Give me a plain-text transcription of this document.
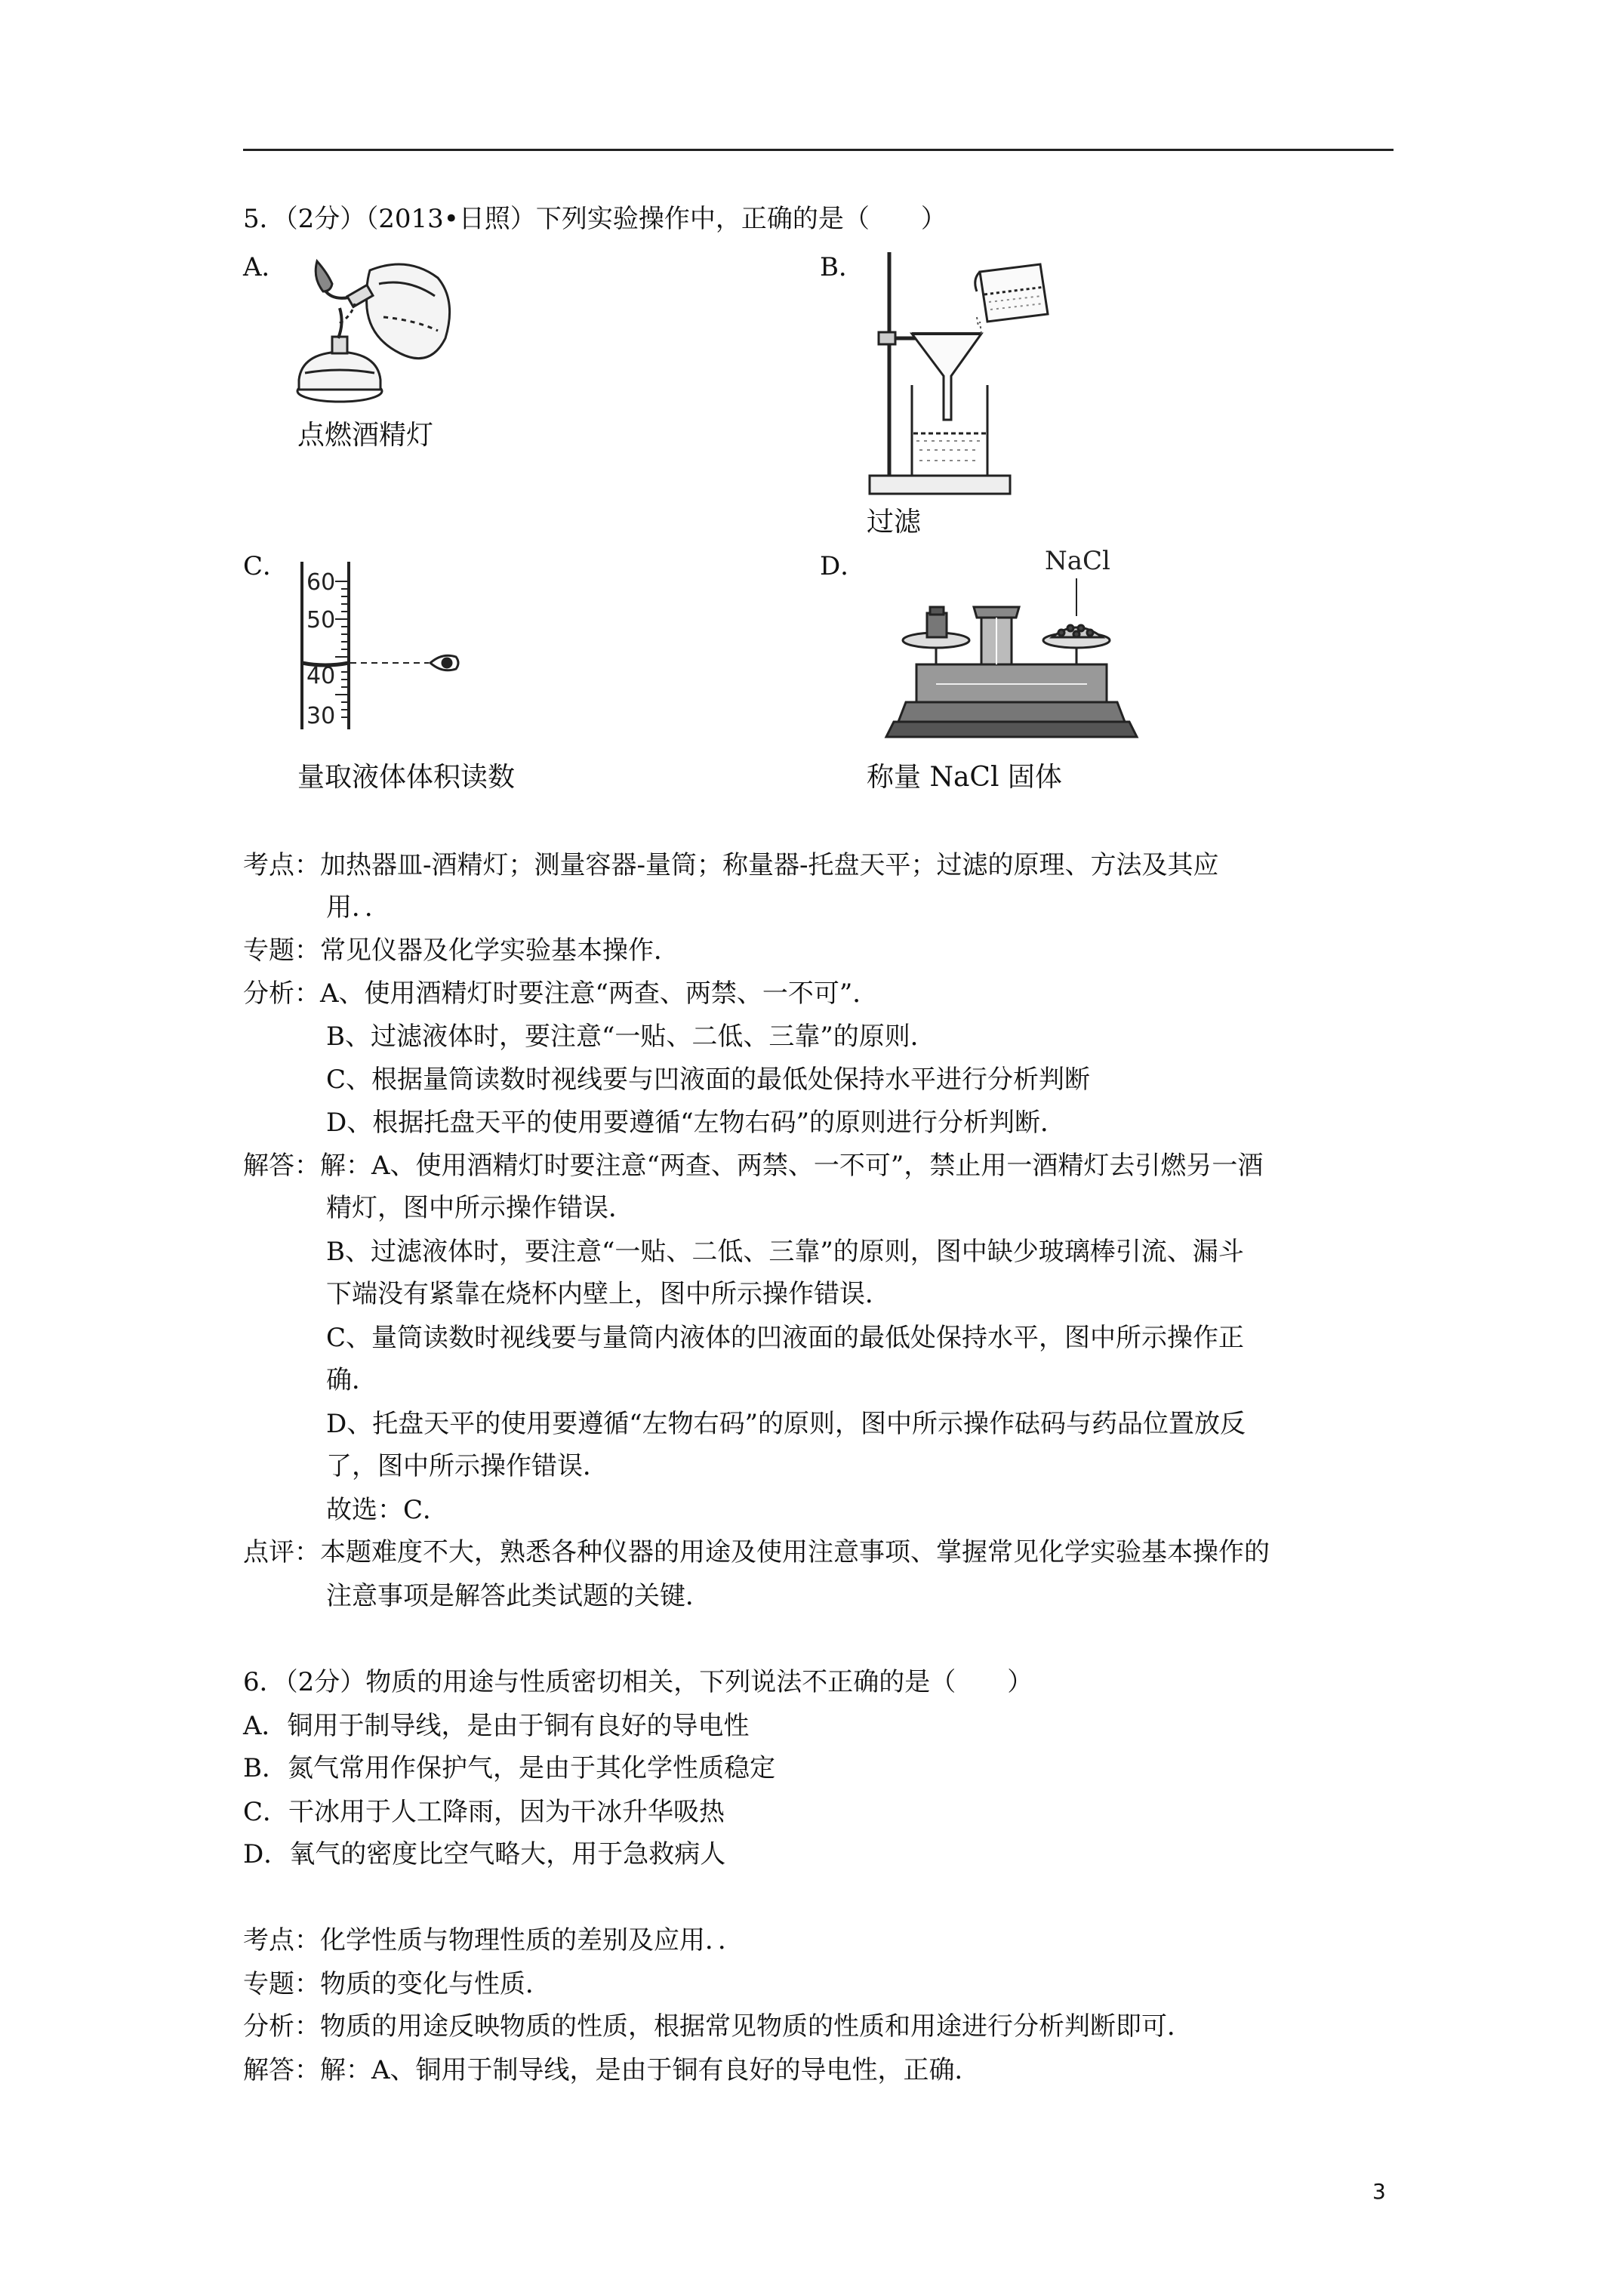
5．（2分）（2013•日照）下列实验操作中，正确的是（　　）
A．	B．
C．	D．
点燃酒精灯
过滤
60
50
40
30
量取液体体积读数
NaCl
称量 NaCl 固体
考点：加热器皿-酒精灯；测量容器-量筒；称量器-托盘天平；过滤的原理、方法及其应
用．．
专题：常见仪器及化学实验基本操作．
分析：A、使用酒精灯时要注意“两查、两禁、一不可”．
B、过滤液体时，要注意“一贴、二低、三靠”的原则．
C、根据量筒读数时视线要与凹液面的最低处保持水平进行分析判断
D、根据托盘天平的使用要遵循“左物右码”的原则进行分析判断．
解答：解：A、使用酒精灯时要注意“两查、两禁、一不可”，禁止用一酒精灯去引燃另一酒
精灯，图中所示操作错误．
B、过滤液体时，要注意“一贴、二低、三靠”的原则，图中缺少玻璃棒引流、漏斗
下端没有紧靠在烧杯内壁上，图中所示操作错误．
C、量筒读数时视线要与量筒内液体的凹液面的最低处保持水平，图中所示操作正
确．
D、托盘天平的使用要遵循“左物右码”的原则，图中所示操作砝码与药品位置放反
了，图中所示操作错误．
故选：C．
点评：本题难度不大，熟悉各种仪器的用途及使用注意事项、掌握常见化学实验基本操作的
注意事项是解答此类试题的关键．
6．（2分）物质的用途与性质密切相关，下列说法不正确的是（　　）
A．铜用于制导线，是由于铜有良好的导电性
B．氮气常用作保护气，是由于其化学性质稳定
C．干冰用于人工降雨，因为干冰升华吸热
D．氧气的密度比空气略大，用于急救病人
考点：化学性质与物理性质的差别及应用．．
专题：物质的变化与性质．
分析：物质的用途反映物质的性质，根据常见物质的性质和用途进行分析判断即可．
解答：解：A、铜用于制导线，是由于铜有良好的导电性，正确．
3
